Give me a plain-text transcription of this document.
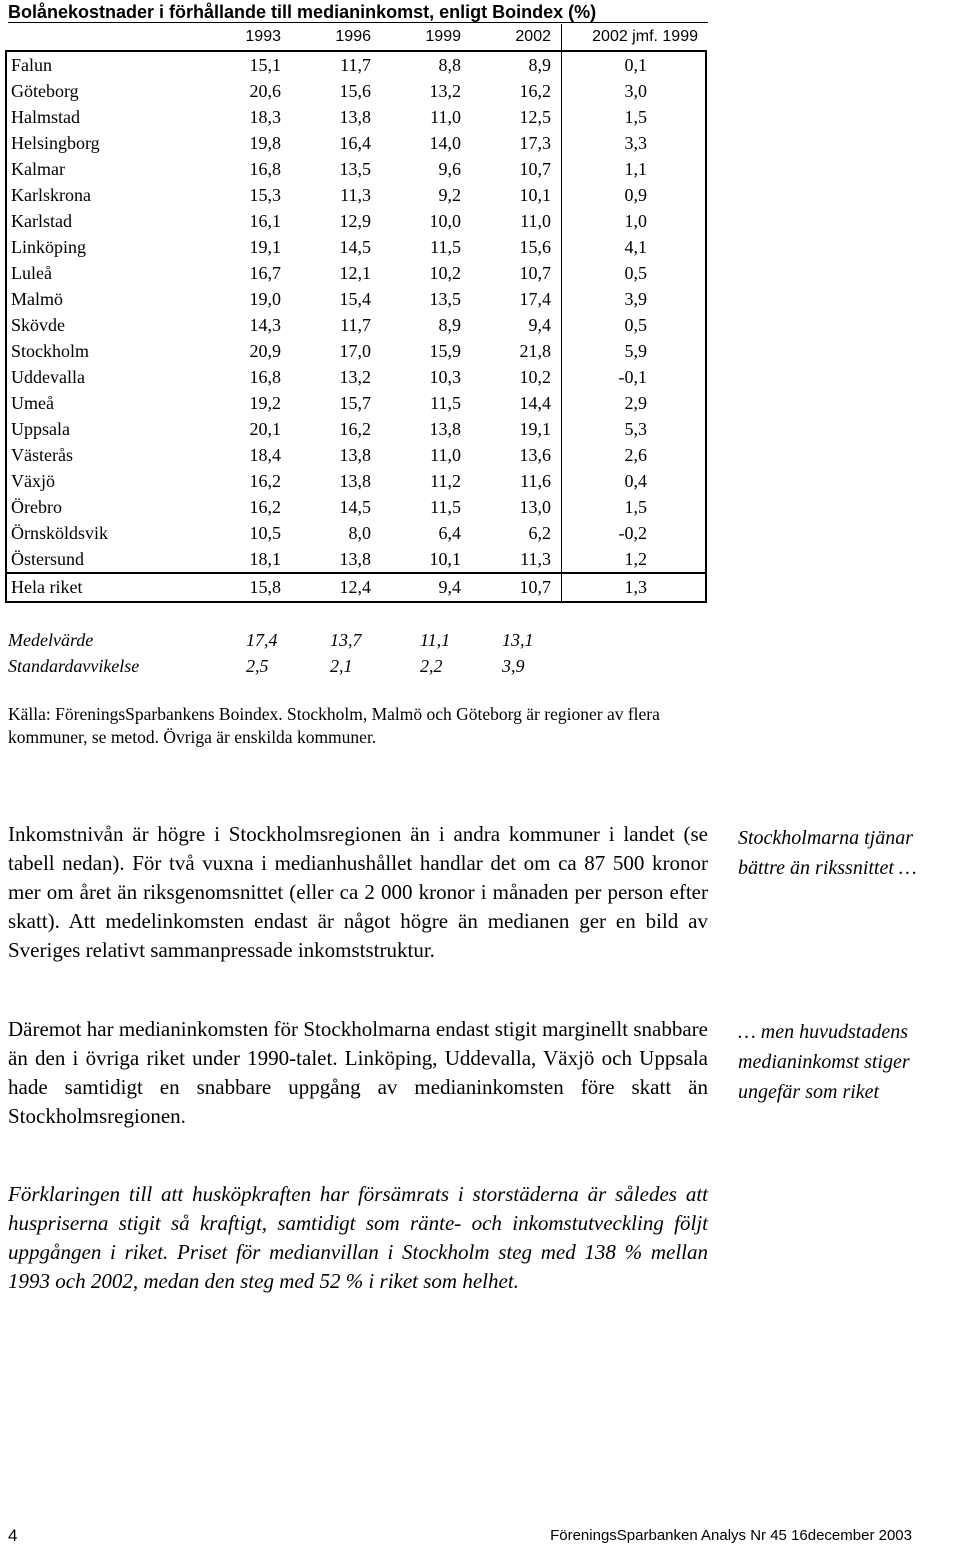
Bolånekostnader i förhållande till medianinkomst, enligt Boindex (%)
	1993	1996	1999	2002	2002 jmf. 1999
Falun	15,1	11,7	8,8	8,9	0,1
Göteborg	20,6	15,6	13,2	16,2	3,0
Halmstad	18,3	13,8	11,0	12,5	1,5
Helsingborg	19,8	16,4	14,0	17,3	3,3
Kalmar	16,8	13,5	9,6	10,7	1,1
Karlskrona	15,3	11,3	9,2	10,1	0,9
Karlstad	16,1	12,9	10,0	11,0	1,0
Linköping	19,1	14,5	11,5	15,6	4,1
Luleå	16,7	12,1	10,2	10,7	0,5
Malmö	19,0	15,4	13,5	17,4	3,9
Skövde	14,3	11,7	8,9	9,4	0,5
Stockholm	20,9	17,0	15,9	21,8	5,9
Uddevalla	16,8	13,2	10,3	10,2	-0,1
Umeå	19,2	15,7	11,5	14,4	2,9
Uppsala	20,1	16,2	13,8	19,1	5,3
Västerås	18,4	13,8	11,0	13,6	2,6
Växjö	16,2	13,8	11,2	11,6	0,4
Örebro	16,2	14,5	11,5	13,0	1,5
Örnsköldsvik	10,5	8,0	6,4	6,2	-0,2
Östersund	18,1	13,8	10,1	11,3	1,2
Hela riket	15,8	12,4	9,4	10,7	1,3
Medelvärde	17,4	13,7	11,1	13,1
Standardavvikelse	2,5	2,1	2,2	3,9
Källa: FöreningsSparbankens Boindex. Stockholm, Malmö och Göteborg är regioner av flera kommuner, se metod. Övriga är enskilda kommuner.
Inkomstnivån är högre i Stockholmsregionen än i andra kommuner i landet (se tabell nedan). För två vuxna i medianhushållet handlar det om ca 87 500 kronor mer om året än riksgenomsnittet (eller ca 2 000 kronor i månaden per person efter skatt). Att medelinkomsten endast är något högre än medianen ger en bild av Sveriges relativt sammanpressade inkomststruktur.
Däremot har medianinkomsten för Stockholmarna endast stigit marginellt snabbare än den i övriga riket under 1990-talet. Linköping, Uddevalla, Växjö och Uppsala hade samtidigt en snabbare uppgång av medianinkomsten före skatt än Stockholmsregionen.
Förklaringen till att husköpkraften har försämrats i storstäderna är således att huspriserna stigit så kraftigt, samtidigt som ränte- och inkomstutveckling följt uppgången i riket. Priset för medianvillan i Stockholm steg med 138 % mellan 1993 och 2002, medan den steg med 52 % i riket som helhet.
Stockholmarna tjänar bättre än rikssnittet …
… men huvudstadens medianinkomst stiger ungefär som riket
4	FöreningsSparbanken Analys Nr 45 16december 2003
